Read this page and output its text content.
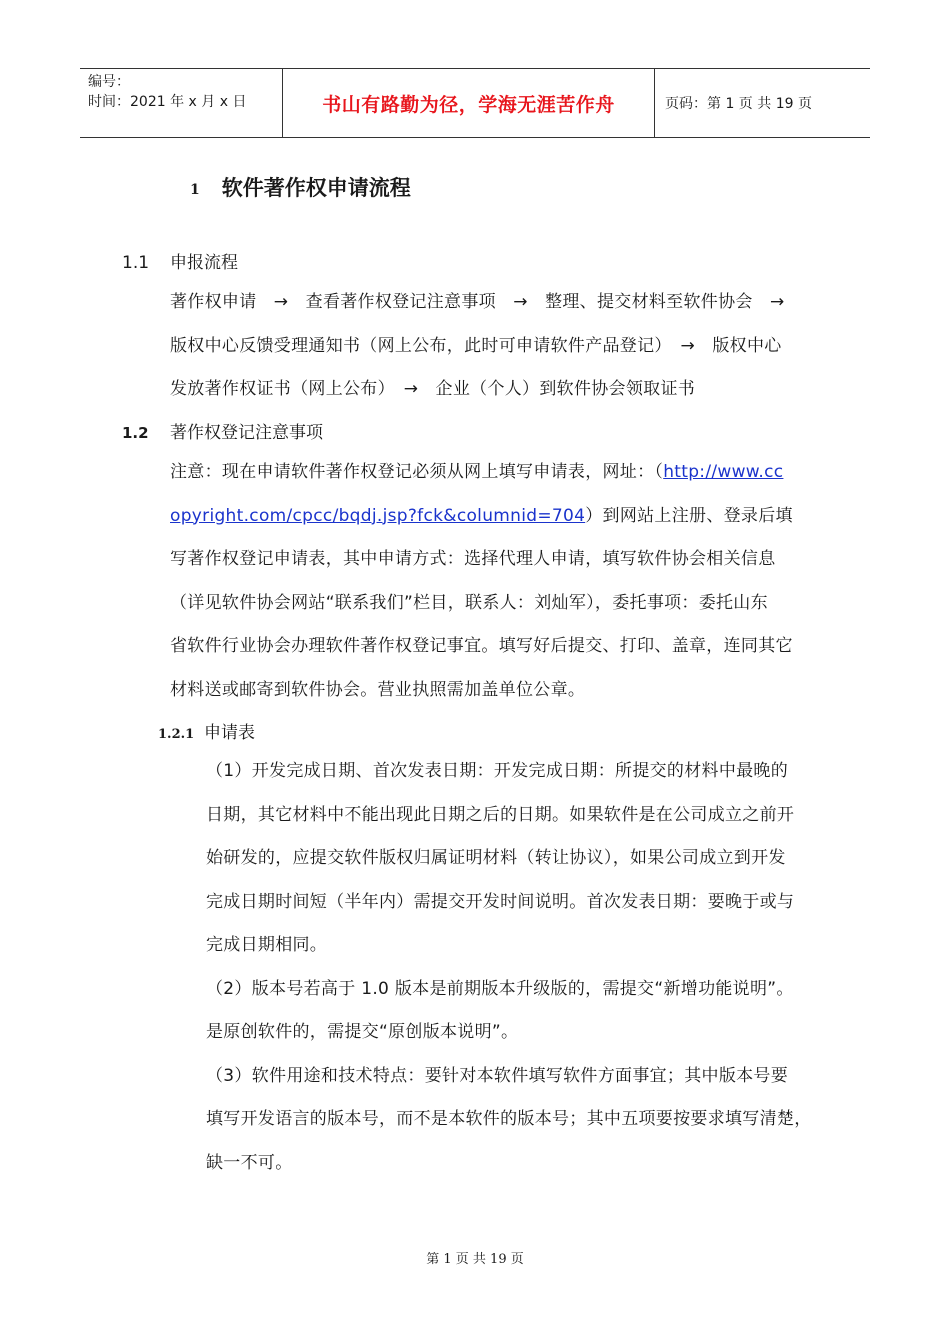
编号：
时间：2021 年 x 月 x 日	书山有路勤为径，学海无涯苦作舟	页码：第 1 页 共 19 页
1 软件著作权申请流程
1.1 申报流程
著作权申请　→　查看著作权登记注意事项　→　整理、提交材料至软件协会　→
版权中心反馈受理通知书（网上公布，此时可申请软件产品登记）　→　版权中心
发放著作权证书（网上公布）　→　企业（个人）到软件协会领取证书
1.2 著作权登记注意事项
注意：现在申请软件著作权登记必须从网上填写申请表，网址：（http://www.cc
opyright.com/cpcc/bqdj.jsp?fck&columnid=704）到网站上注册、登录后填
写著作权登记申请表，其中申请方式：选择代理人申请，填写软件协会相关信息
（详见软件协会网站“联系我们”栏目，联系人：刘灿军），委托事项：委托山东
省软件行业协会办理软件著作权登记事宜。填写好后提交、打印、盖章，连同其它
材料送或邮寄到软件协会。营业执照需加盖单位公章。
1.2.1 申请表
（1）开发完成日期、首次发表日期：开发完成日期：所提交的材料中最晚的
日期，其它材料中不能出现此日期之后的日期。如果软件是在公司成立之前开
始研发的，应提交软件版权归属证明材料（转让协议），如果公司成立到开发
完成日期时间短（半年内）需提交开发时间说明。首次发表日期：要晚于或与
完成日期相同。
（2）版本号若高于 1.0 版本是前期版本升级版的，需提交“新增功能说明”。
是原创软件的，需提交“原创版本说明”。
（3）软件用途和技术特点：要针对本软件填写软件方面事宜；其中版本号要
填写开发语言的版本号，而不是本软件的版本号；其中五项要按要求填写清楚，
缺一不可。
第 1 页 共 19 页
